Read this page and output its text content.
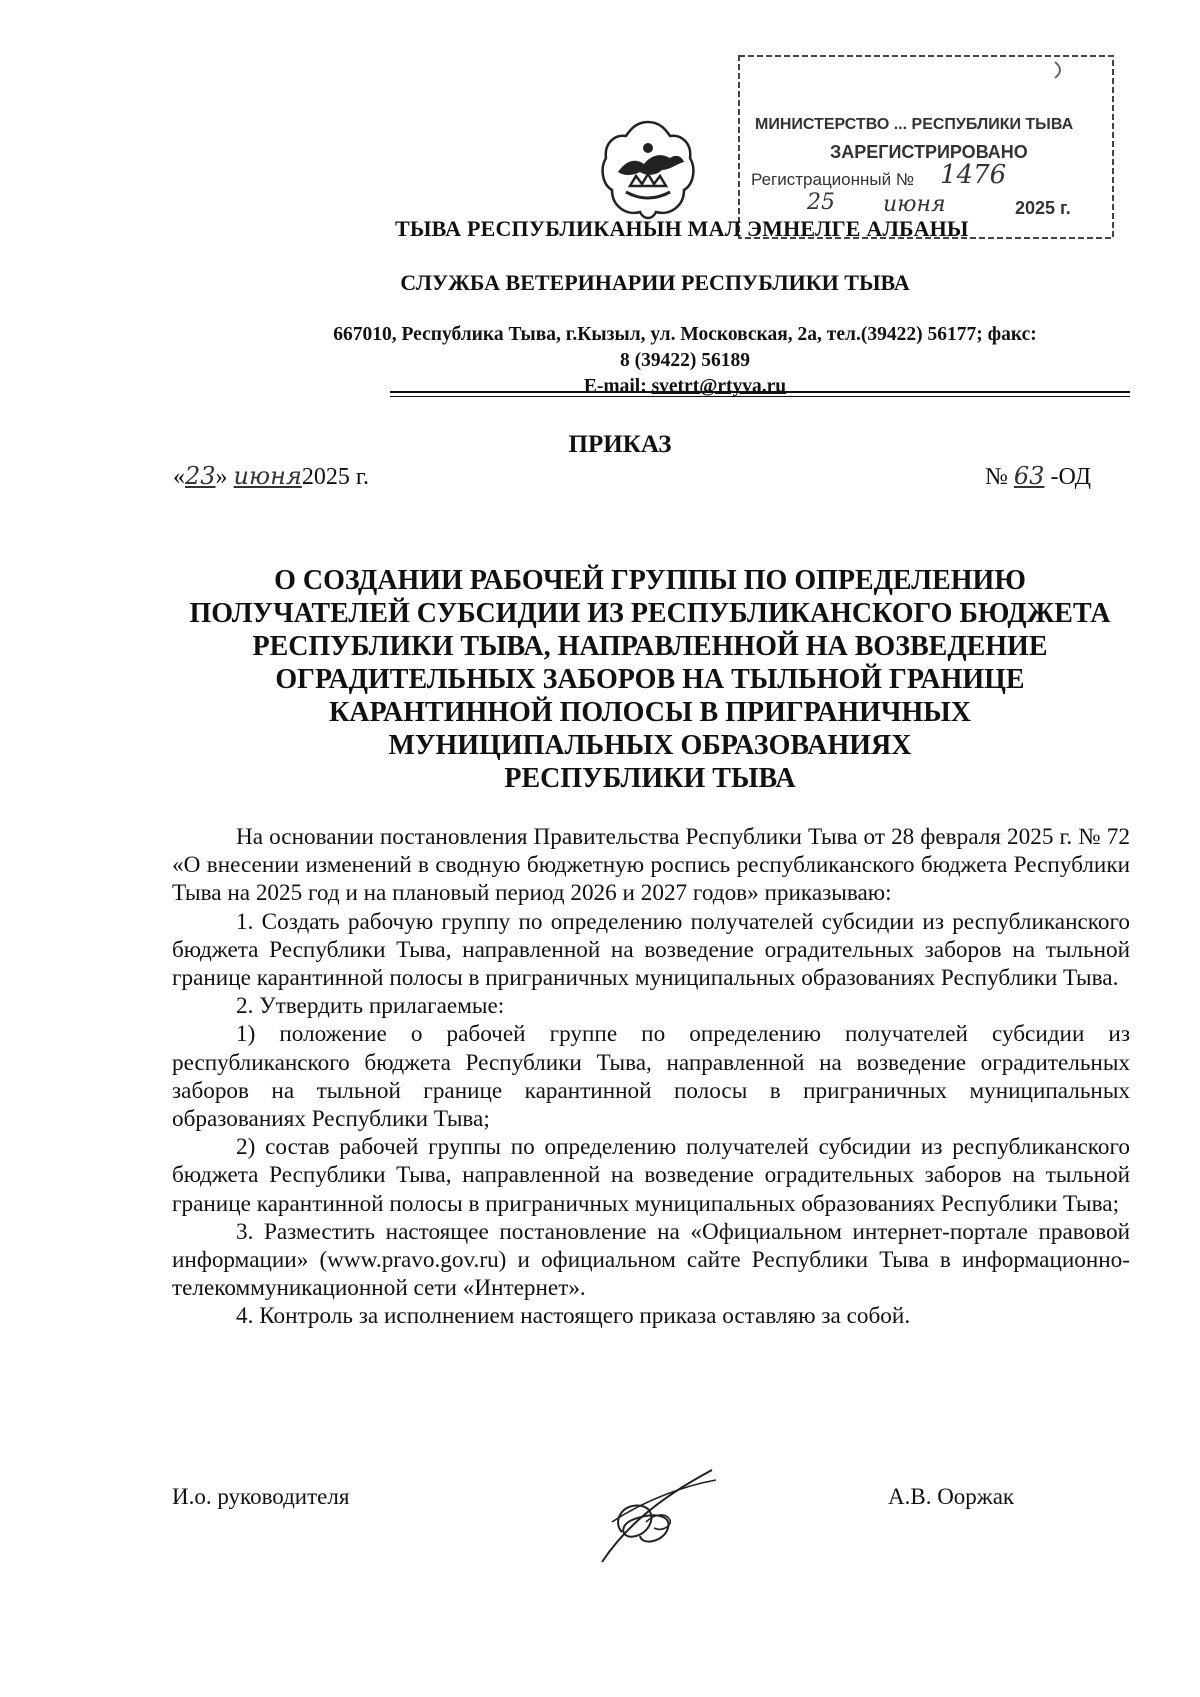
МИНИСТЕРСТВО ... РЕСПУБЛИКИ ТЫВА
ЗАРЕГИСТРИРОВАНО
Регистрационный № 1476
25 июня	2025 г.
ТЫВА РЕСПУБЛИКАНЫН МАЛ ЭМНЕЛГЕ АЛБАНЫ
СЛУЖБА ВЕТЕРИНАРИИ РЕСПУБЛИКИ ТЫВА
667010, Республика Тыва, г.Кызыл, ул. Московская, 2а, тел.(39422) 56177; факс:
8 (39422) 56189
E-mail: svetrt@rtyva.ru
ПРИКАЗ
«23» июня2025 г.	№ 63 -ОД
О СОЗДАНИИ РАБОЧЕЙ ГРУППЫ ПО ОПРЕДЕЛЕНИЮ
ПОЛУЧАТЕЛЕЙ СУБСИДИИ ИЗ РЕСПУБЛИКАНСКОГО БЮДЖЕТА
РЕСПУБЛИКИ ТЫВА, НАПРАВЛЕННОЙ НА ВОЗВЕДЕНИЕ
ОГРАДИТЕЛЬНЫХ ЗАБОРОВ НА ТЫЛЬНОЙ ГРАНИЦЕ
КАРАНТИННОЙ ПОЛОСЫ В ПРИГРАНИЧНЫХ
МУНИЦИПАЛЬНЫХ ОБРАЗОВАНИЯХ
РЕСПУБЛИКИ ТЫВА

На основании постановления Правительства Республики Тыва от 28 февраля 2025 г. № 72 «О внесении изменений в сводную бюджетную роспись республиканского бюджета Республики Тыва на 2025 год и на плановый период 2026 и 2027 годов» приказываю:

1. Создать рабочую группу по определению получателей субсидии из республиканского бюджета Республики Тыва, направленной на возведение оградительных заборов на тыльной границе карантинной полосы в приграничных муниципальных образованиях Республики Тыва.

2. Утвердить прилагаемые:

1) положение о рабочей группе по определению получателей субсидии из республиканского бюджета Республики Тыва, направленной на возведение оградительных заборов на тыльной границе карантинной полосы в приграничных муниципальных образованиях Республики Тыва;

2) состав рабочей группы по определению получателей субсидии из республиканского бюджета Республики Тыва, направленной на возведение оградительных заборов на тыльной границе карантинной полосы в приграничных муниципальных образованиях Республики Тыва;

3. Разместить настоящее постановление на «Официальном интернет-портале правовой информации» (www.pravo.gov.ru) и официальном сайте Республики Тыва в информационно-телекоммуникационной сети «Интернет».

4. Контроль за исполнением настоящего приказа оставляю за собой.

И.о. руководителя	А.В. Ооржак
